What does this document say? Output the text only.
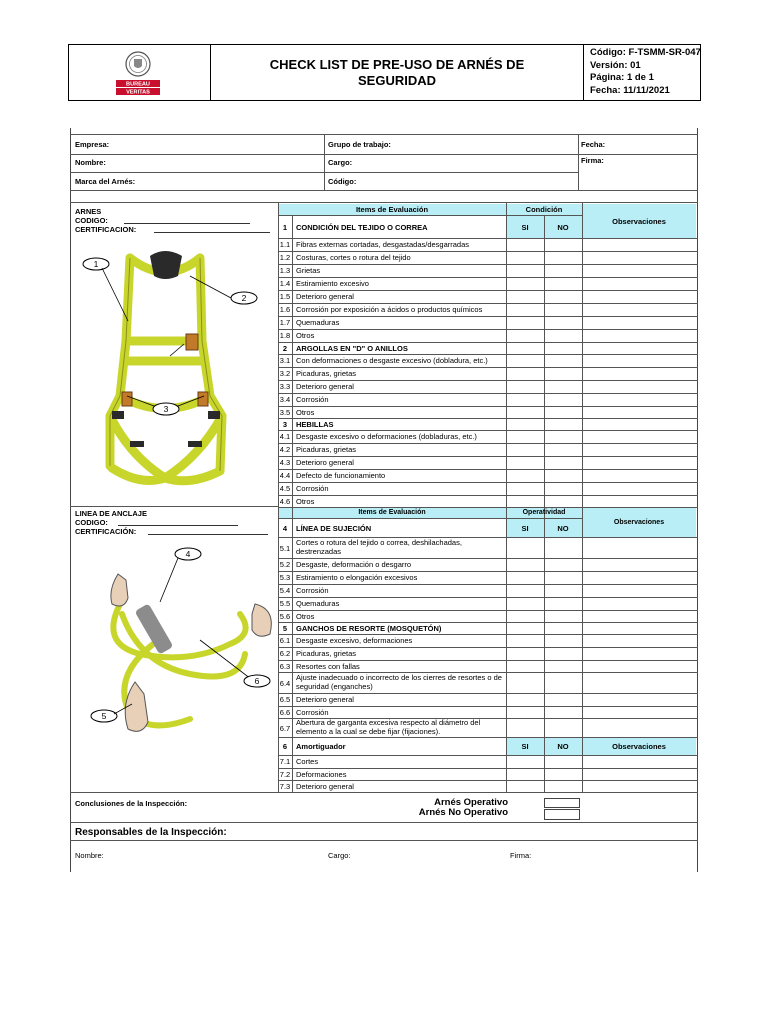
BUREAU
VERITAS
CHECK LIST DE PRE-USO DE ARNÉS DE SEGURIDAD
Código: F-TSMM-SR-047
Versión: 01
Página: 1 de 1
Fecha: 11/11/2021
Empresa:	Grupo de trabajo:	Fecha:
Nombre:	Cargo:	Firma:
Marca del Arnés:	Código:
ARNES
CODIGO:
CERTIFICACION:
1
2
3
LINEA DE ANCLAJE
CODIGO:
CERTIFICACIÓN:
4
5
6
Items de Evaluación	Condición
Observaciones
1	CONDICIÓN DEL TEJIDO O CORREA	SI	NO
1.1 Fibras externas cortadas, desgastadas/desgarradas
1.2 Costuras, cortes o rotura del tejido
1.3 Grietas
1.4 Estiramiento excesivo
1.5 Deterioro general
1.6 Corrosión por exposición a ácidos o productos químicos
1.7 Quemaduras
1.8 Otros
2	ARGOLLAS EN "D" O ANILLOS
3.1 Con deformaciones o desgaste excesivo (dobladura, etc.)
3.2 Picaduras, grietas
3.3 Deterioro general
3.4 Corrosión
3.5 Otros
3	HEBILLAS
4.1 Desgaste excesivo o deformaciones (dobladuras, etc.)
4.2 Picaduras, grietas
4.3 Deterioro general
4.4 Defecto de funcionamiento
4.5 Corrosión
4.6 Otros
Items de Evaluación	Operatividad
Observaciones
4	LÍNEA DE SUJECIÓN	SI	NO
5.1
Cortes o rotura del tejido o correa, deshilachadas, destrenzadas
5.2 Desgaste, deformación o desgarro
5.3 Estiramiento o elongación excesivos
5.4 Corrosión
5.5 Quemaduras
5.6 Otros
5	GANCHOS DE RESORTE (MOSQUETÓN)
6.1 Desgaste excesivo, deformaciones
6.2 Picaduras, grietas
6.3 Resortes con fallas
6.4
Ajuste inadecuado o incorrecto de los cierres de resortes o de seguridad (enganches)
6.5 Deterioro general
6.6 Corrosión
6.7
Abertura de garganta excesiva respecto al diámetro del elemento a la cual se debe fijar (fijaciones).
6	Amortiguador	SI	NO	Observaciones
7.1 Cortes
7.2 Deformaciones
7.3 Deterioro general
Conclusiones de la Inspección:	Arnés Operativo
Arnés No Operativo
Responsables de la Inspección:
Nombre:	Cargo:	Firma:
